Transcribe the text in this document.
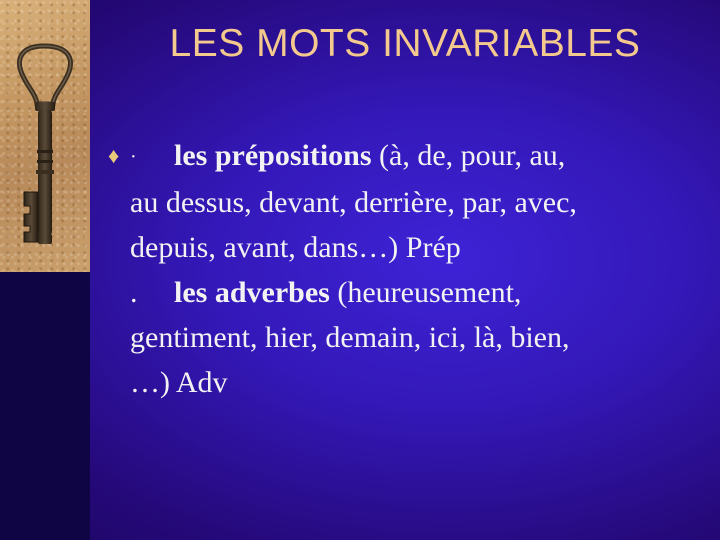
LES MOTS INVARIABLES
♦ · les prépositions (à, de, pour, au,
au dessus, devant, derrière, par, avec,
depuis, avant, dans…) Prép
. les adverbes (heureusement,
gentiment, hier, demain, ici, là, bien,
…) Adv
